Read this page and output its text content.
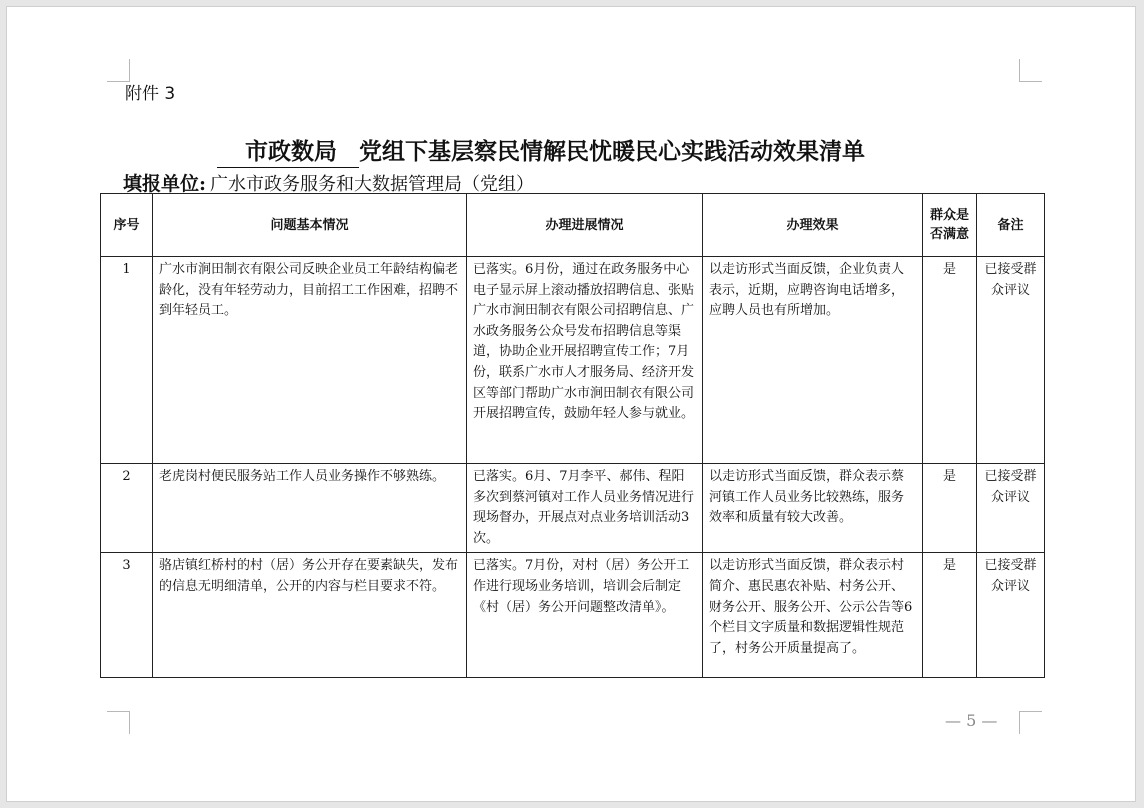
附件 3
市政数局 党组下基层察民情解民忧暖民心实践活动效果清单
填报单位: 广水市政务服务和大数据管理局（党组）
序号	问题基本情况	办理进展情况	办理效果	群众是否满意	备注
1	广水市涧田制衣有限公司反映企业员工年龄结构偏老龄化，没有年轻劳动力，目前招工工作困难，招聘不到年轻员工。	已落实。6月份，通过在政务服务中心电子显示屏上滚动播放招聘信息、张贴广水市涧田制衣有限公司招聘信息、广水政务服务公众号发布招聘信息等渠道，协助企业开展招聘宣传工作；7月份，联系广水市人才服务局、经济开发区等部门帮助广水市涧田制衣有限公司开展招聘宣传，鼓励年轻人参与就业。	以走访形式当面反馈，企业负责人表示，近期，应聘咨询电话增多，应聘人员也有所增加。	是	已接受群众评议
2	老虎岗村便民服务站工作人员业务操作不够熟练。	已落实。6月、7月李平、郝伟、程阳多次到蔡河镇对工作人员业务情况进行现场督办，开展点对点业务培训活动3次。	以走访形式当面反馈，群众表示蔡河镇工作人员业务比较熟练，服务效率和质量有较大改善。	是	已接受群众评议
3	骆店镇红桥村的村（居）务公开存在要素缺失，发布的信息无明细清单，公开的内容与栏目要求不符。	已落实。7月份，对村（居）务公开工作进行现场业务培训，培训会后制定《村（居）务公开问题整改清单》。	以走访形式当面反馈，群众表示村简介、惠民惠农补贴、村务公开、财务公开、服务公开、公示公告等6个栏目文字质量和数据逻辑性规范了，村务公开质量提高了。	是	已接受群众评议
— 5 —
